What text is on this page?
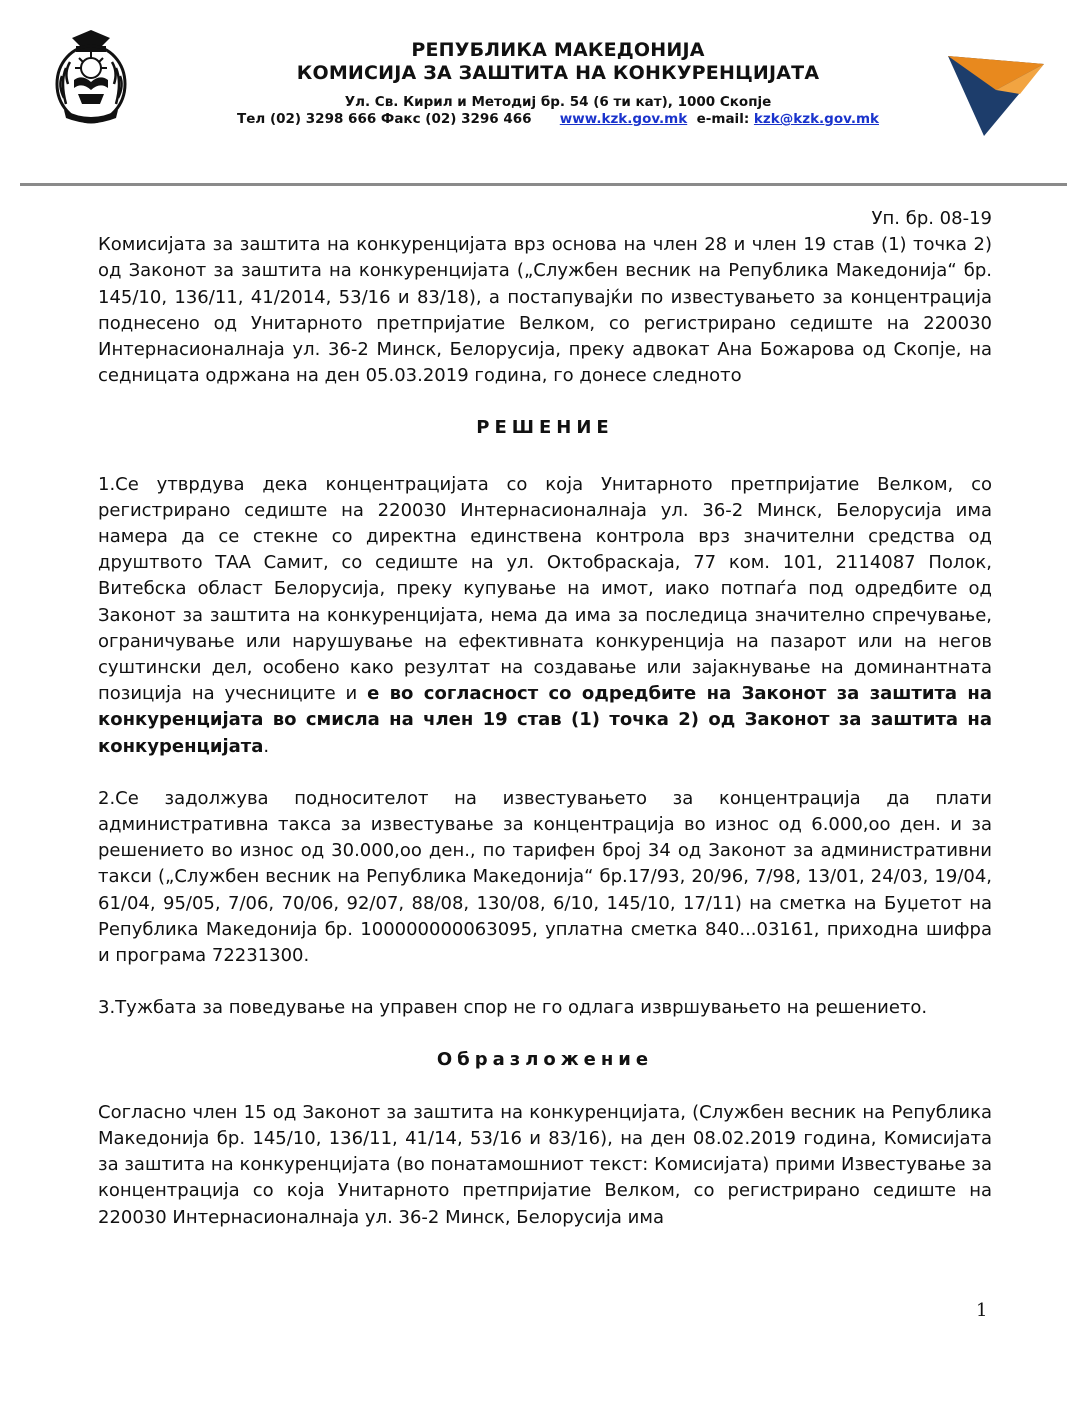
РЕПУБЛИКА МАКЕДОНИЈА
КОМИСИЈА ЗА ЗАШТИТА НА КОНКУРЕНЦИЈАТА
Ул. Св. Кирил и Методиј бр. 54 (6 ти кат), 1000 Скопје
Тел (02) 3298 666 Факс (02) 3296 466 www.kzk.gov.mk e-mail: kzk@kzk.gov.mk

Уп. бр. 08-19

Комисијата за заштита на конкуренцијата врз основа на член 28 и член 19 став (1) точка 2) од Законот за заштита на конкуренцијата („Службен весник на Република Македонија“ бр. 145/10, 136/11, 41/2014, 53/16 и 83/18), а постапувајќи по известувањето за концентрација поднесено од Унитарното претпријатие Велком, со регистрирано седиште на 220030 Интернасионалнаја ул. 36-2 Минск, Белорусија, преку адвокат Ана Божарова од Скопје, на седницата одржана на ден 05.03.2019 година, го донесе следното

РЕШЕНИЕ

1.Се утврдува дека концентрацијата со која Унитарното претпријатие Велком, со регистрирано седиште на 220030 Интернасионалнаја ул. 36-2 Минск, Белорусија има намера да се стекне со директна единствена контрола врз значителни средства од друштвото ТАА Самит, со седиште на ул. Октобраскаја, 77 ком. 101, 2114087 Полок, Витебска област Белорусија, преку купување на имот, иако потпаѓа под одредбите од Законот за заштита на конкуренцијата, нема да има за последица значително спречување, ограничување или нарушување на ефективната конкуренција на пазарот или на негов суштински дел, особено како резултат на создавање или зајакнување на доминантната позиција на учесниците и е во согласност со одредбите на Законот за заштита на конкуренцијата во смисла на член 19 став (1) точка 2) од Законот за заштита на конкуренцијата.

2.Се задолжува подносителот на известувањето за концентрација да плати административна такса за известување за концентрација во износ од 6.000,оо ден. и за решението во износ од 30.000,оо ден., по тарифен број 34 од Законот за административни такси („Службен весник на Република Македонија“ бр.17/93, 20/96, 7/98, 13/01, 24/03, 19/04, 61/04, 95/05, 7/06, 70/06, 92/07, 88/08, 130/08, 6/10, 145/10, 17/11) на сметка на Буџетот на Република Македонија бр. 100000000063095, уплатна сметка 840...03161, приходна шифра и програма 72231300.

3.Тужбата за поведување на управен спор не го одлага извршувањето на решението.

Образложение

Согласно член 15 од Законот за заштита на конкуренцијата, (Службен весник на Република Македонија бр. 145/10, 136/11, 41/14, 53/16 и 83/16), на ден 08.02.2019 година, Комисијата за заштита на конкуренцијата (во понатамошниот текст: Комисијата) прими Известување за концентрација со која Унитарното претпријатие Велком, со регистрирано седиште на 220030 Интернасионалнаја ул. 36-2 Минск, Белорусија има

1
